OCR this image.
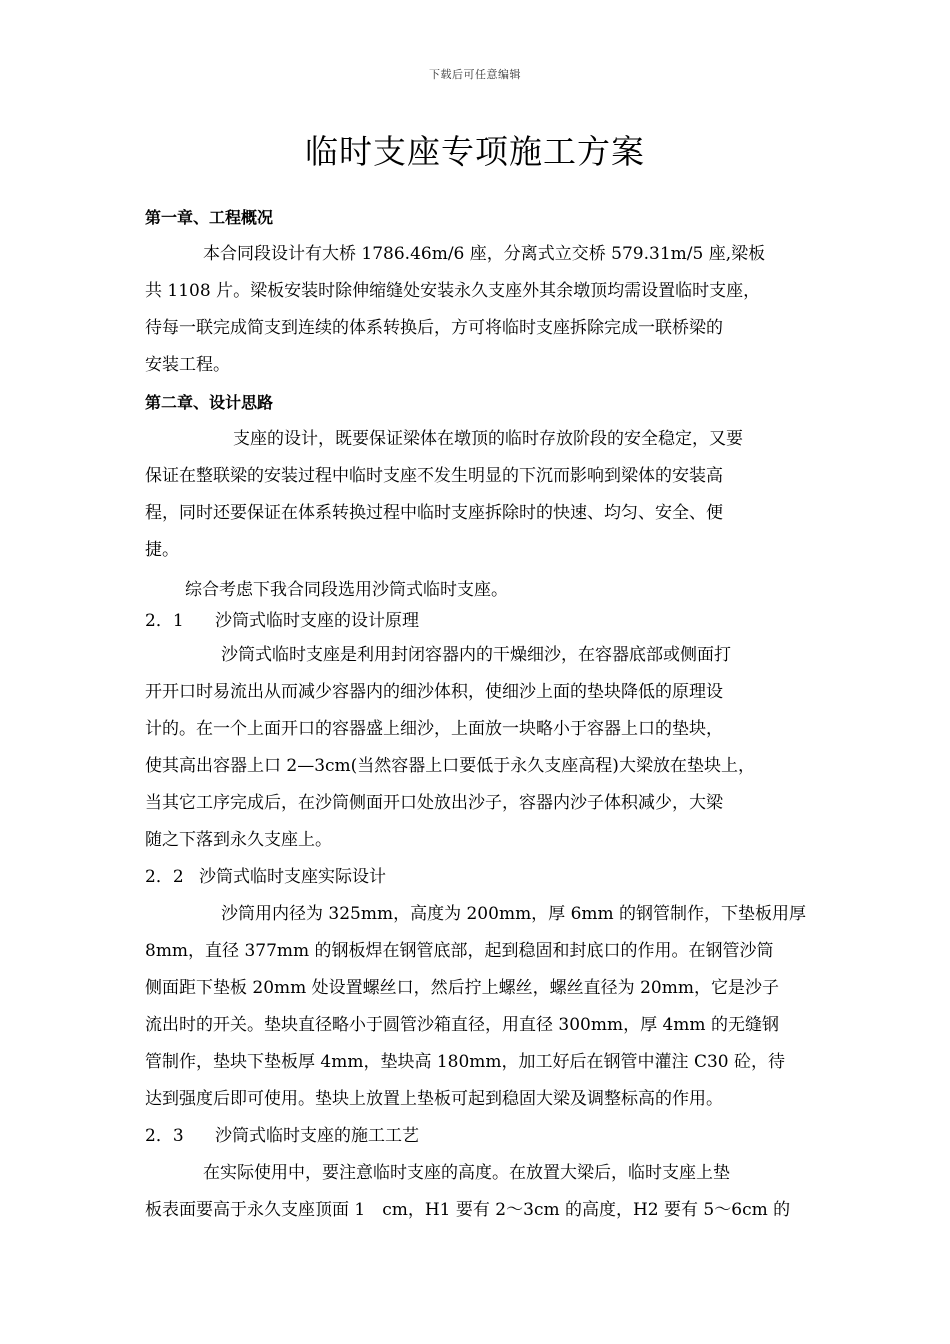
下载后可任意编辑
临时支座专项施工方案
第一章、工程概况
本合同段设计有大桥 1786.46m/6 座，分离式立交桥 579.31m/5 座,梁板
共 1108 片。梁板安装时除伸缩缝处安装永久支座外其余墩顶均需设置临时支座，
待每一联完成简支到连续的体系转换后，方可将临时支座拆除完成一联桥梁的
安装工程。
第二章、设计思路
支座的设计，既要保证梁体在墩顶的临时存放阶段的安全稳定，又要
保证在整联梁的安装过程中临时支座不发生明显的下沉而影响到梁体的安装高
程，同时还要保证在体系转换过程中临时支座拆除时的快速、均匀、安全、便
捷。
综合考虑下我合同段选用沙筒式临时支座。
2．1 沙筒式临时支座的设计原理
沙筒式临时支座是利用封闭容器内的干燥细沙，在容器底部或侧面打
开开口时易流出从而减少容器内的细沙体积，使细沙上面的垫块降低的原理设
计的。在一个上面开口的容器盛上细沙，上面放一块略小于容器上口的垫块，
使其高出容器上口 2—3cm(当然容器上口要低于永久支座高程)大梁放在垫块上，
当其它工序完成后，在沙筒侧面开口处放出沙子，容器内沙子体积减少，大梁
随之下落到永久支座上。
2．2 沙筒式临时支座实际设计
沙筒用内径为 325mm，高度为 200mm，厚 6mm 的钢管制作，下垫板用厚
8mm，直径 377mm 的钢板焊在钢管底部，起到稳固和封底口的作用。在钢管沙筒
侧面距下垫板 20mm 处设置螺丝口，然后拧上螺丝，螺丝直径为 20mm，它是沙子
流出时的开关。垫块直径略小于圆管沙箱直径，用直径 300mm，厚 4mm 的无缝钢
管制作，垫块下垫板厚 4mm，垫块高 180mm，加工好后在钢管中灌注 C30 砼，待
达到强度后即可使用。垫块上放置上垫板可起到稳固大梁及调整标高的作用。
2．3 沙筒式临时支座的施工工艺
在实际使用中，要注意临时支座的高度。在放置大梁后，临时支座上垫
板表面要高于永久支座顶面 1　cm，H1 要有 2～3cm 的高度，H2 要有 5～6cm 的
